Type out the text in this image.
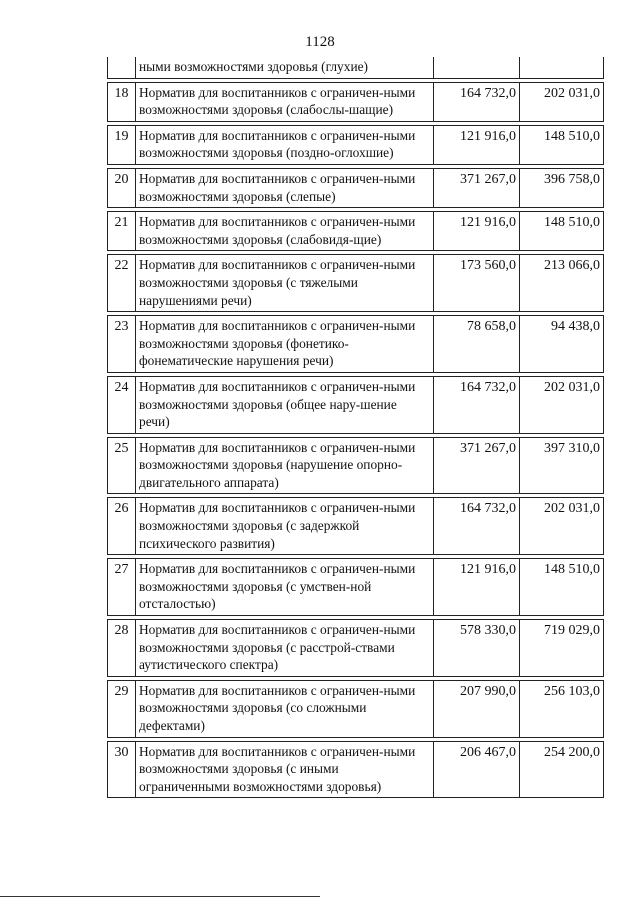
1128
	ными возможностями здоровья (глухие)		

18	Норматив для воспитанников с ограничен-ными возможностями здоровья (слабослы-шащие)	164 732,0	202 031,0

19	Норматив для воспитанников с ограничен-ными возможностями здоровья (поздно-оглохшие)	121 916,0	148 510,0

20	Норматив для воспитанников с ограничен-ными возможностями здоровья (слепые)	371 267,0	396 758,0

21	Норматив для воспитанников с ограничен-ными возможностями здоровья (слабовидя-щие)	121 916,0	148 510,0

22	Норматив для воспитанников с ограничен-ными возможностями здоровья (с тяжелыми нарушениями речи)	173 560,0	213 066,0

23	Норматив для воспитанников с ограничен-ными возможностями здоровья (фонетико-фонематические нарушения речи)	78 658,0	94 438,0

24	Норматив для воспитанников с ограничен-ными возможностями здоровья (общее нару-шение речи)	164 732,0	202 031,0

25	Норматив для воспитанников с ограничен-ными возможностями здоровья (нарушение опорно-двигательного аппарата)	371 267,0	397 310,0

26	Норматив для воспитанников с ограничен-ными возможностями здоровья (с задержкой психического развития)	164 732,0	202 031,0

27	Норматив для воспитанников с ограничен-ными возможностями здоровья (с умствен-ной отсталостью)	121 916,0	148 510,0

28	Норматив для воспитанников с ограничен-ными возможностями здоровья (с расстрой-ствами аутистического спектра)	578 330,0	719 029,0

29	Норматив для воспитанников с ограничен-ными возможностями здоровья (со сложными дефектами)	207 990,0	256 103,0

30	Норматив для воспитанников с ограничен-ными возможностями здоровья (с иными ограниченными возможностями здоровья)	206 467,0	254 200,0
